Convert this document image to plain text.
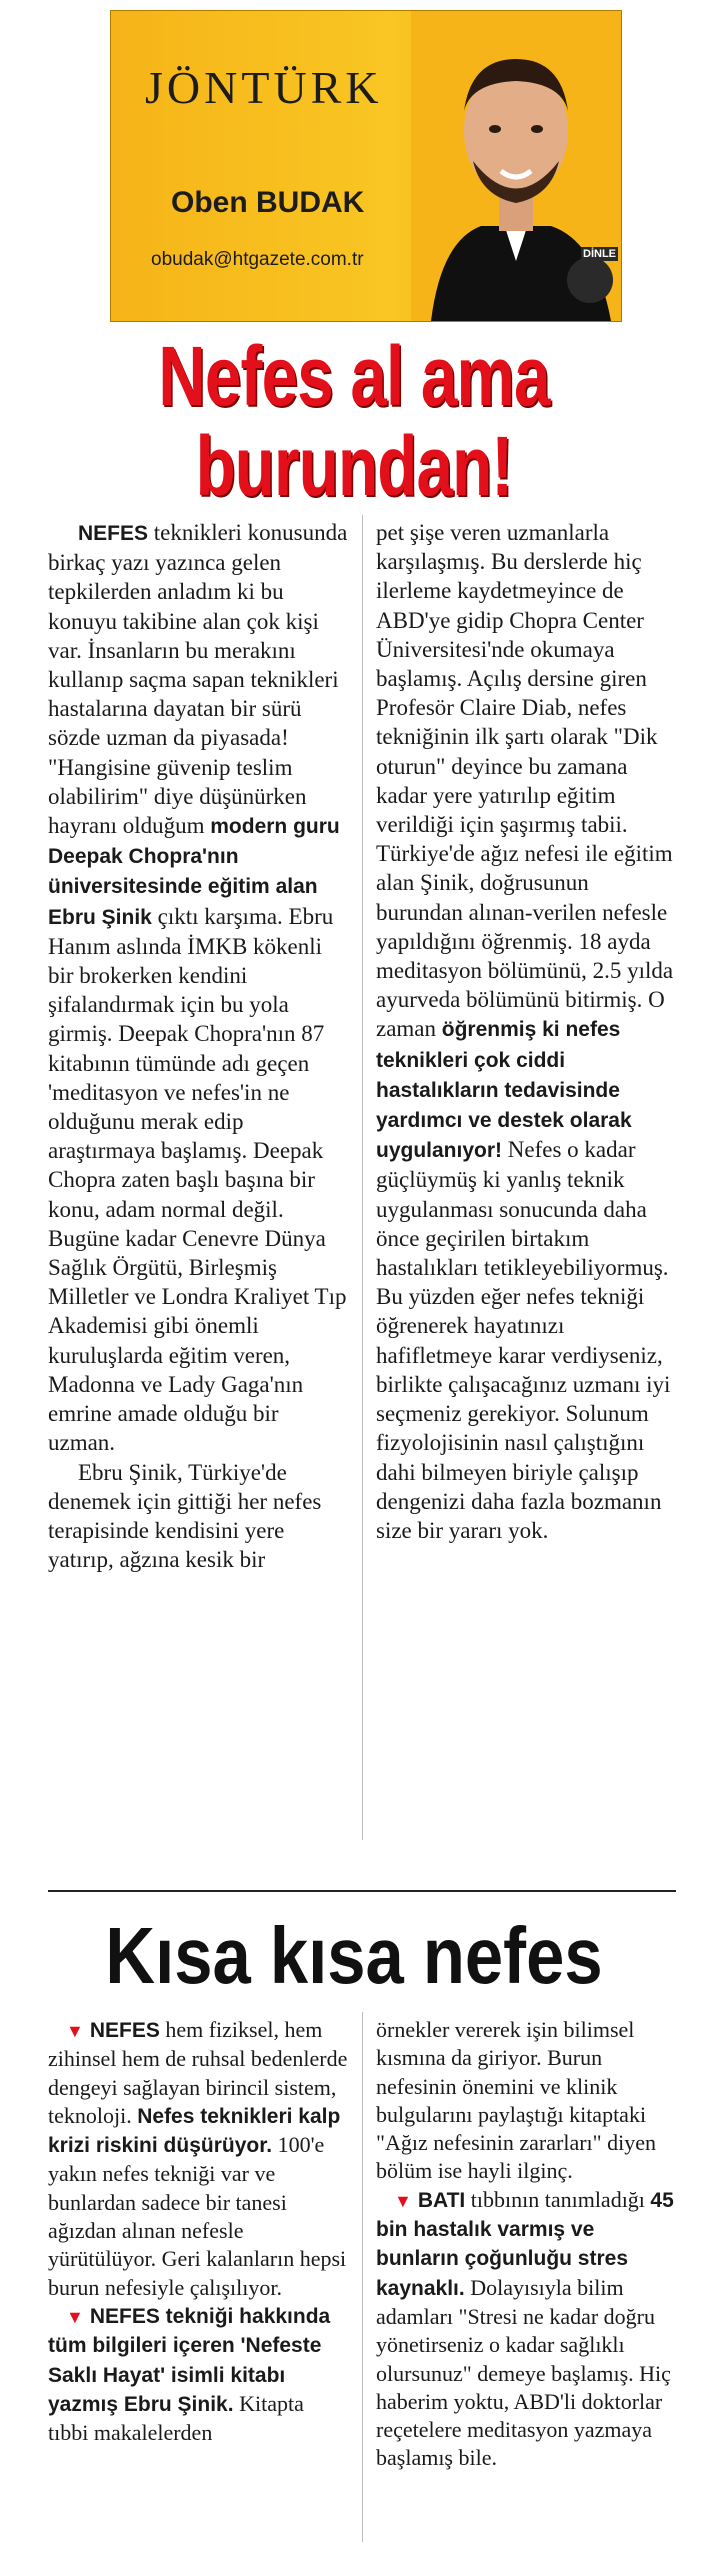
JÖNTÜRK
Oben BUDAK
obudak@htgazete.com.tr	DİNLE
Nefes al ama
burundan!

NEFES teknikleri konusunda birkaç yazı yazınca gelen tepkilerden anladım ki bu konuyu takibine alan çok kişi var. İnsanların bu merakını kullanıp saçma sapan teknikleri hastalarına dayatan bir sürü sözde uzman da piyasada! "Hangisine güvenip teslim olabilirim" diye düşünürken hayranı olduğum modern guru Deepak Chopra'nın üniversitesinde eğitim alan Ebru Şinik çıktı karşıma. Ebru Hanım aslında İMKB kökenli bir brokerken kendini şifalandırmak için bu yola girmiş. Deepak Chopra'nın 87 kitabının tümünde adı geçen 'meditasyon ve nefes'in ne olduğunu merak edip araştırmaya başlamış. Deepak Chopra zaten başlı başına bir konu, adam normal değil. Bugüne kadar Cenevre Dünya Sağlık Örgütü, Birleşmiş Milletler ve Londra Kraliyet Tıp Akademisi gibi önemli kuruluşlarda eğitim veren, Madonna ve Lady Gaga'nın emrine amade olduğu bir uzman.

Ebru Şinik, Türkiye'de denemek için gittiği her nefes terapisinde kendisini yere yatırıp, ağzına kesik bir

pet şişe veren uzmanlarla karşılaşmış. Bu derslerde hiç ilerleme kaydetmeyince de ABD'ye gidip Chopra Center Üniversitesi'nde okumaya başlamış. Açılış dersine giren Profesör Claire Diab, nefes tekniğinin ilk şartı olarak "Dik oturun" deyince bu zamana kadar yere yatırılıp eğitim verildiği için şaşırmış tabii. Türkiye'de ağız nefesi ile eğitim alan Şinik, doğrusunun burundan alınan-verilen nefesle yapıldığını öğrenmiş. 18 ayda meditasyon bölümünü, 2.5 yılda ayurveda bölümünü bitirmiş. O zaman öğrenmiş ki nefes teknikleri çok ciddi hastalıkların tedavisinde yardımcı ve destek olarak uygulanıyor! Nefes o kadar güçlüymüş ki yanlış teknik uygulanması sonucunda daha önce geçirilen birtakım hastalıkları tetikleyebiliyormuş. Bu yüzden eğer nefes tekniği öğrenerek hayatınızı hafifletmeye karar verdiyseniz, birlikte çalışacağınız uzmanı iyi seçmeniz gerekiyor. Solunum fizyolojisinin nasıl çalıştığını dahi bilmeyen biriyle çalışıp dengenizi daha fazla bozmanın size bir yararı yok.

Kısa kısa nefes

▼ NEFES hem fiziksel, hem zihinsel hem de ruhsal bedenlerde dengeyi sağlayan birincil sistem, teknoloji. Nefes teknikleri kalp krizi riskini düşürüyor. 100'e yakın nefes tekniği var ve bunlardan sadece bir tanesi ağızdan alınan nefesle yürütülüyor. Geri kalanların hepsi burun nefesiyle çalışılıyor.

▼ NEFES tekniği hakkında tüm bilgileri içeren 'Nefeste Saklı Hayat' isimli kitabı yazmış Ebru Şinik. Kitapta tıbbi makalelerden

örnekler vererek işin bilimsel kısmına da giriyor. Burun nefesinin önemini ve klinik bulgularını paylaştığı kitaptaki "Ağız nefesinin zararları" diyen bölüm ise hayli ilginç.

▼ BATI tıbbının tanımladığı 45 bin hastalık varmış ve bunların çoğunluğu stres kaynaklı. Dolayısıyla bilim adamları "Stresi ne kadar doğru yönetirseniz o kadar sağlıklı olursunuz" demeye başlamış. Hiç haberim yoktu, ABD'li doktorlar reçetelere meditasyon yazmaya başlamış bile.
